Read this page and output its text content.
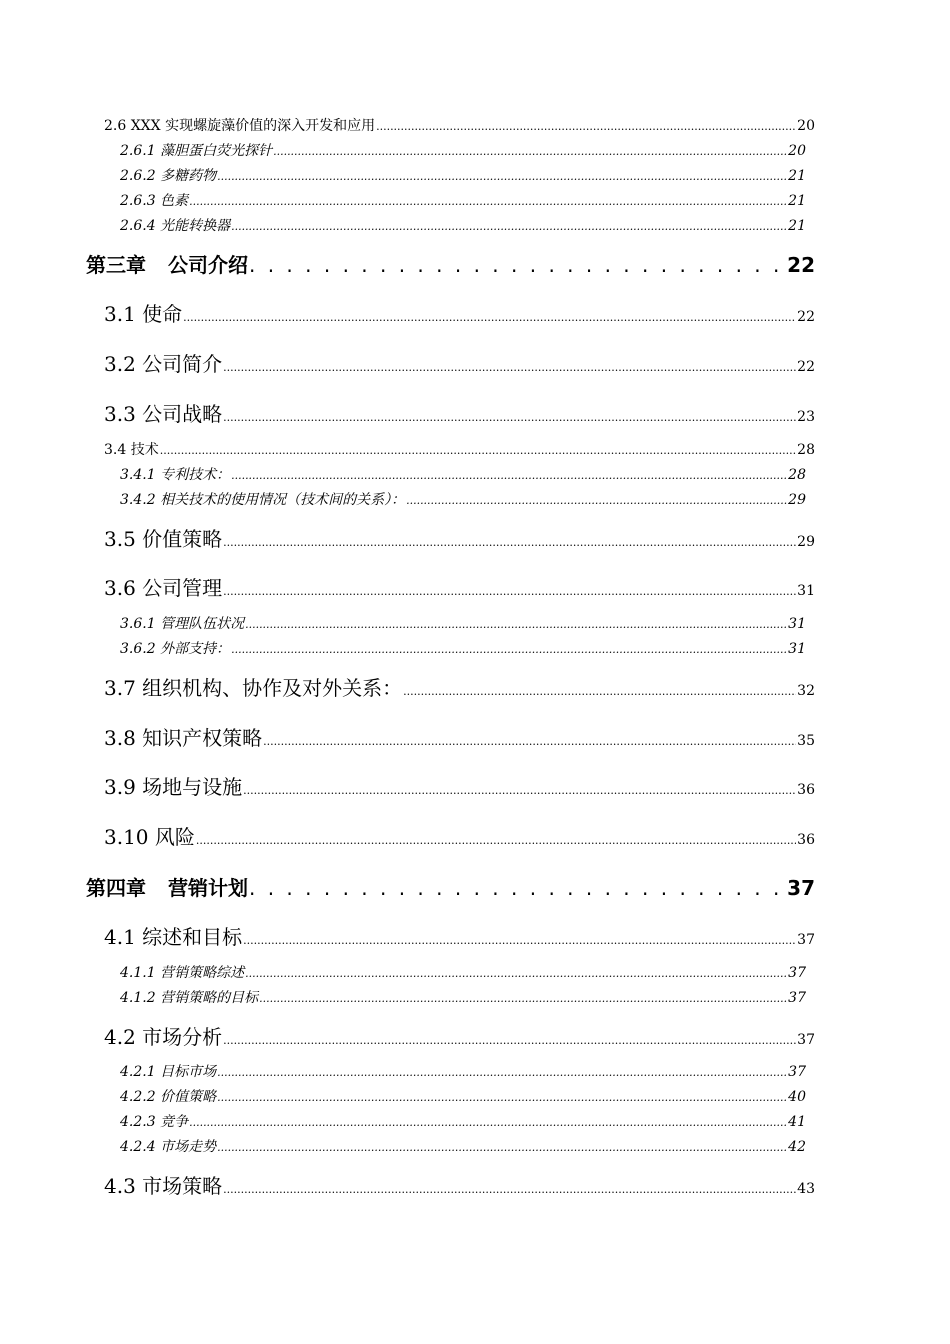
2.6 XXX 实现螺旋藻价值的深入开发和应用 .....	20
2.6.1 藻胆蛋白荧光探针 .....	20
2.6.2 多糖药物 .....	21
2.6.3 色素 .....	21
2.6.4 光能转换器 .....	21
第三章 公司介绍 . . .	22
3.1 使命 .....	22
3.2 公司简介 .....	22
3.3 公司战略 .....	23
3.4 技术 .....	28
3.4.1 专利技术： .....	28
3.4.2 相关技术的使用情况（技术间的关系）： .....	29
3.5 价值策略 .....	29
3.6 公司管理 .....	31
3.6.1 管理队伍状况 .....	31
3.6.2 外部支持： .....	31
3.7 组织机构、协作及对外关系： .....	32
3.8 知识产权策略 .....	35
3.9 场地与设施 .....	36
3.10 风险 .....	36
第四章 营销计划 . . .	37
4.1 综述和目标 .....	37
4.1.1 营销策略综述 .....	37
4.1.2 营销策略的目标 .....	37
4.2 市场分析 .....	37
4.2.1 目标市场 .....	37
4.2.2 价值策略 .....	40
4.2.3 竞争 .....	41
4.2.4 市场走势 .....	42
4.3 市场策略 .....	43
